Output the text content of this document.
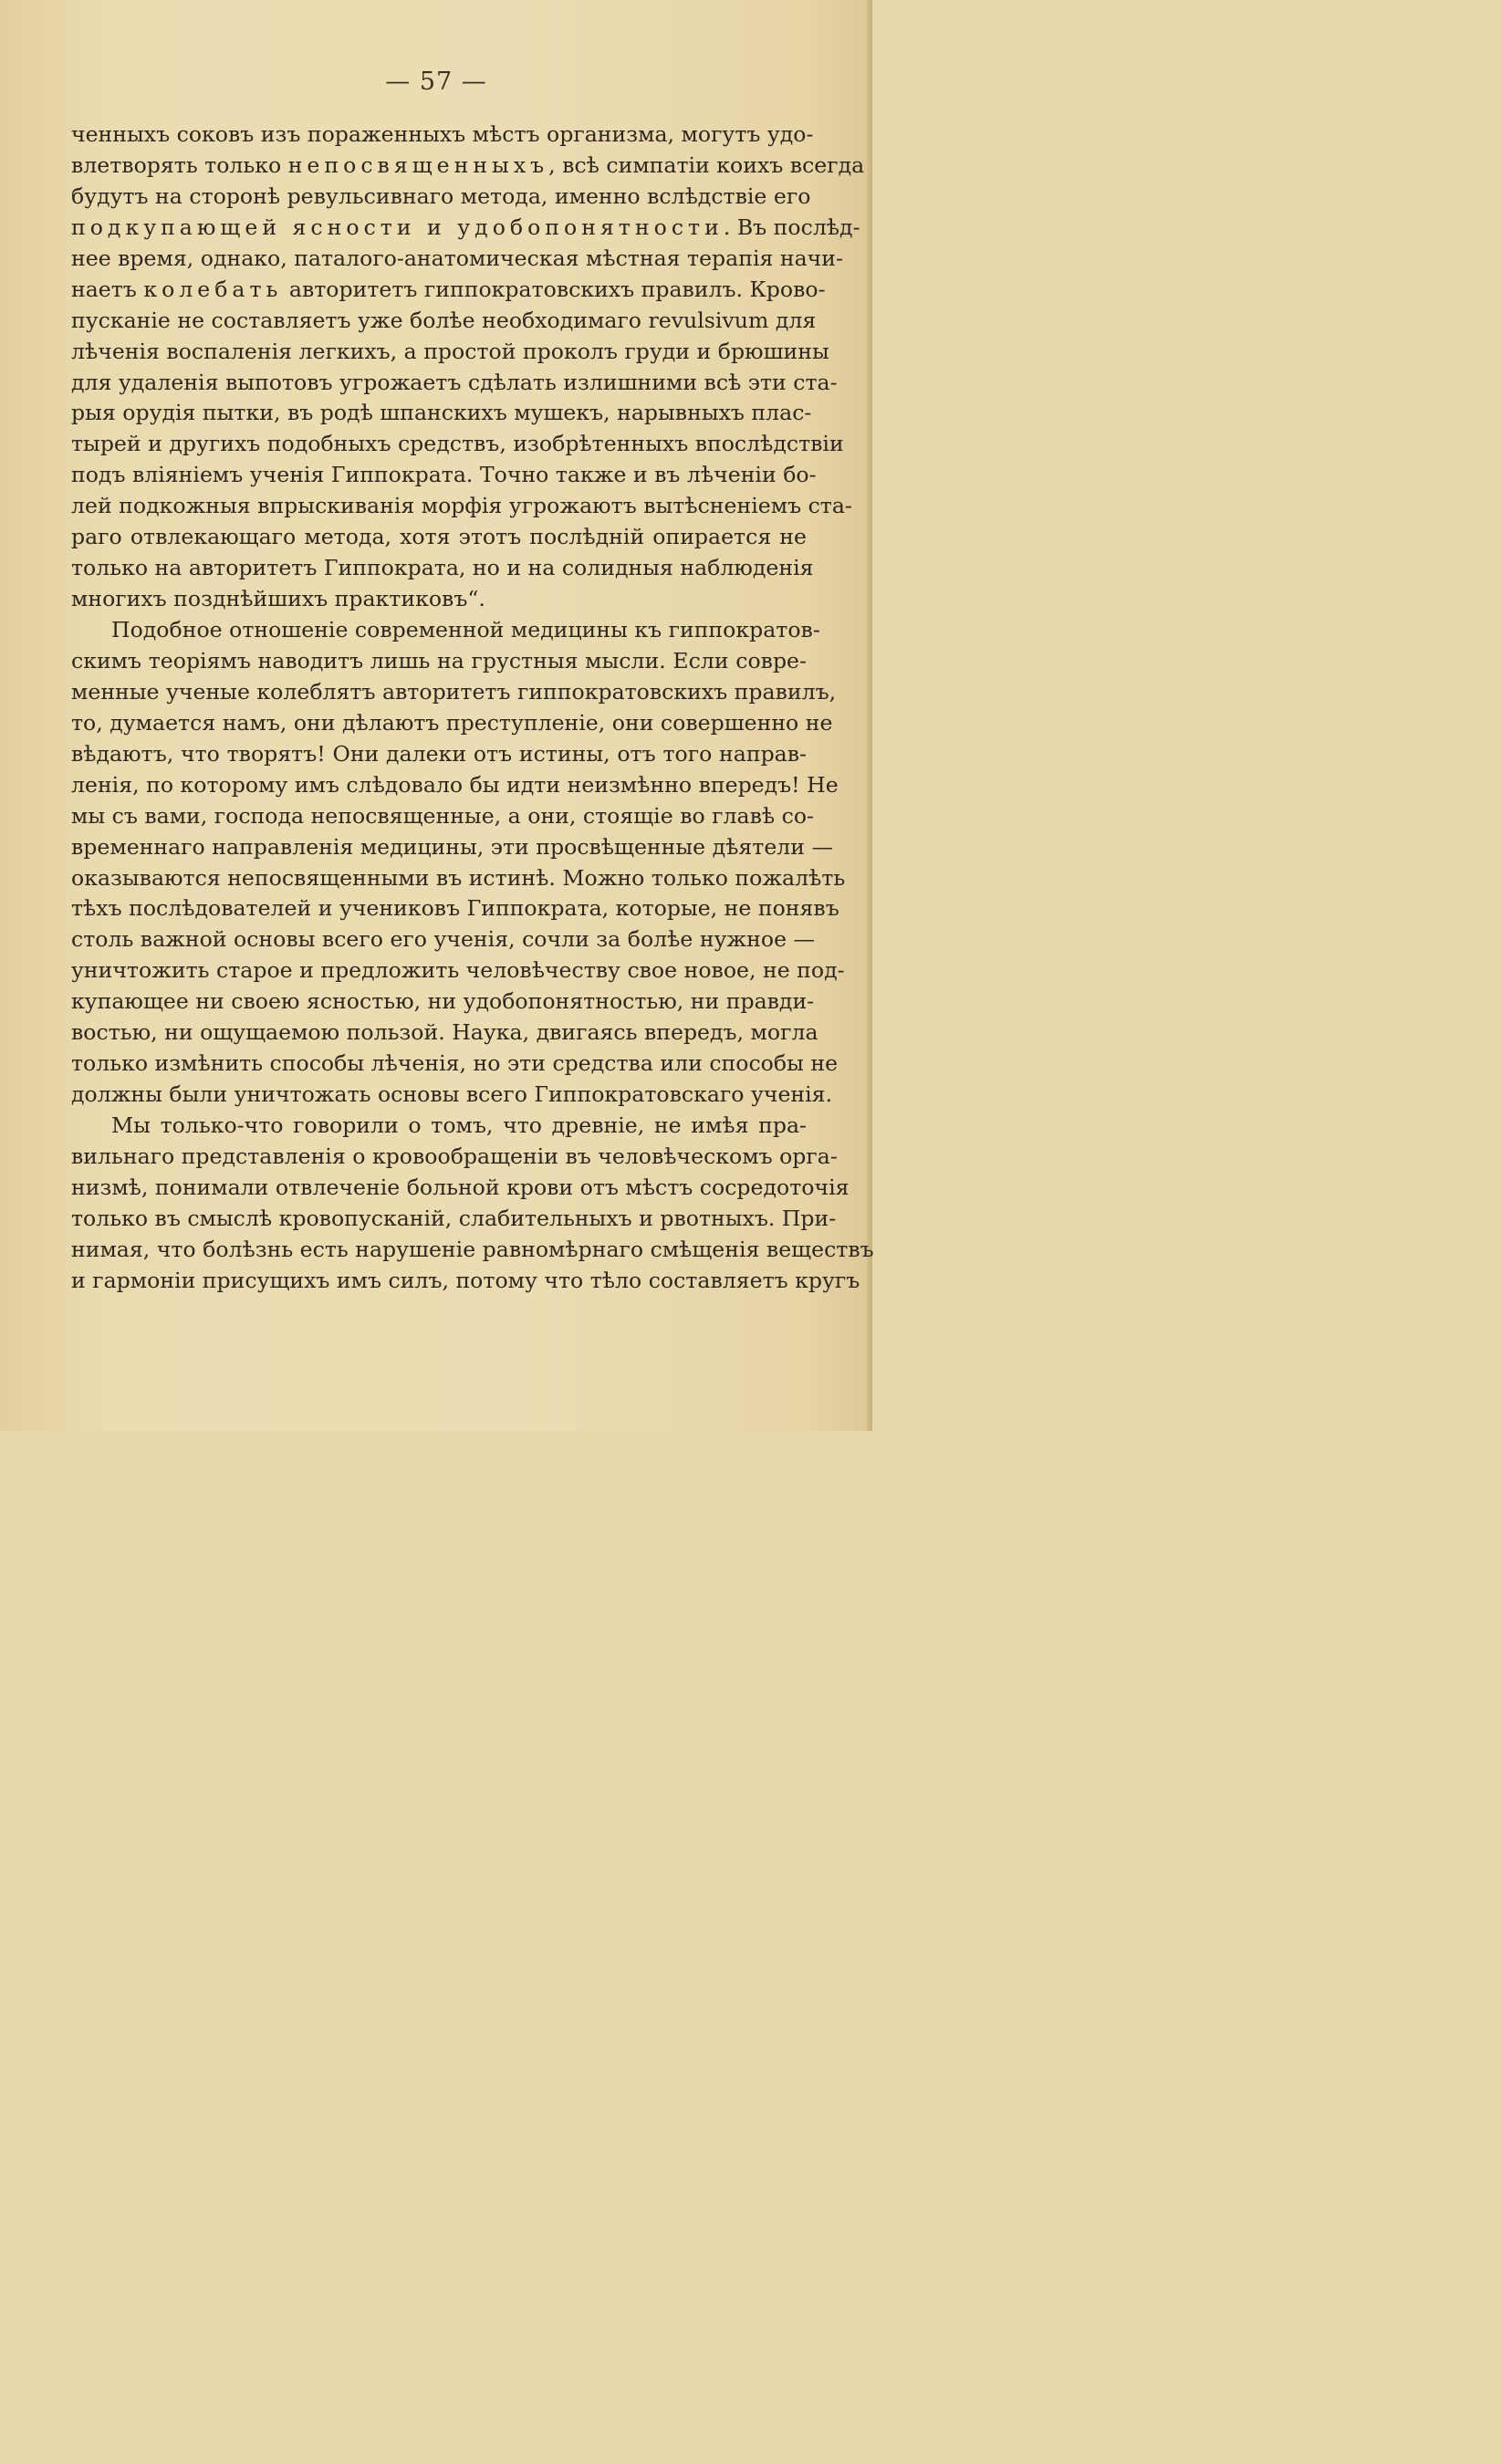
— 57 —
ченныхъ соковъ изъ пораженныхъ мѣстъ организма, могутъ удо-
влетворять только непосвященныхъ, всѣ симпатіи коихъ всегда
будутъ на сторонѣ ревульсивнаго метода, именно вслѣдствіе его
подкупающей ясности и удобопонятности. Въ послѣд-
нее время, однако, паталого-анатомическая мѣстная терапія начи-
наетъ колебать авторитетъ гиппократовскихъ правилъ. Крово-
пусканіе не составляетъ уже болѣе необходимаго revulsivum для
лѣченія воспаленія легкихъ, а простой проколъ груди и брюшины
для удаленія выпотовъ угрожаетъ сдѣлать излишними всѣ эти ста-
рыя орудія пытки, въ родѣ шпанскихъ мушекъ, нарывныхъ плас-
тырей и другихъ подобныхъ средствъ, изобрѣтенныхъ впослѣдствіи
подъ вліяніемъ ученія Гиппократа. Точно также и въ лѣченіи бо-
лей подкожныя впрыскиванія морфія угрожаютъ вытѣсненіемъ ста-
раго отвлекающаго метода, хотя этотъ послѣдній опирается не
только на авторитетъ Гиппократа, но и на солидныя наблюденія
многихъ позднѣйшихъ практиковъ“.
Подобное отношеніе современной медицины къ гиппократов-
скимъ теоріямъ наводитъ лишь на грустныя мысли. Если совре-
менные ученые колеблятъ авторитетъ гиппократовскихъ правилъ,
то, думается намъ, они дѣлаютъ преступленіе, они совершенно не
вѣдаютъ, что творятъ! Они далеки отъ истины, отъ того направ-
ленія, по которому имъ слѣдовало бы идти неизмѣнно впередъ! Не
мы съ вами, господа непосвященные, а они, стоящіе во главѣ со-
временнаго направленія медицины, эти просвѣщенные дѣятели —
оказываются непосвященными въ истинѣ. Можно только пожалѣть
тѣхъ послѣдователей и учениковъ Гиппократа, которые, не понявъ
столь важной основы всего его ученія, сочли за болѣе нужное —
уничтожить старое и предложить человѣчеству свое новое, не под-
купающее ни своею ясностью, ни удобопонятностью, ни правди-
востью, ни ощущаемою пользой. Наука, двигаясь впередъ, могла
только измѣнить способы лѣченія, но эти средства или способы не
должны были уничтожать основы всего Гиппократовскаго ученія.
Мы только-что говорили о томъ, что древніе, не имѣя пра-
вильнаго представленія о кровообращеніи въ человѣческомъ орга-
низмѣ, понимали отвлеченіе больной крови отъ мѣстъ сосредоточія
только въ смыслѣ кровопусканій, слабительныхъ и рвотныхъ. При-
нимая, что болѣзнь есть нарушеніе равномѣрнаго смѣщенія веществъ
и гармоніи присущихъ имъ силъ, потому что тѣло составляетъ кругъ
